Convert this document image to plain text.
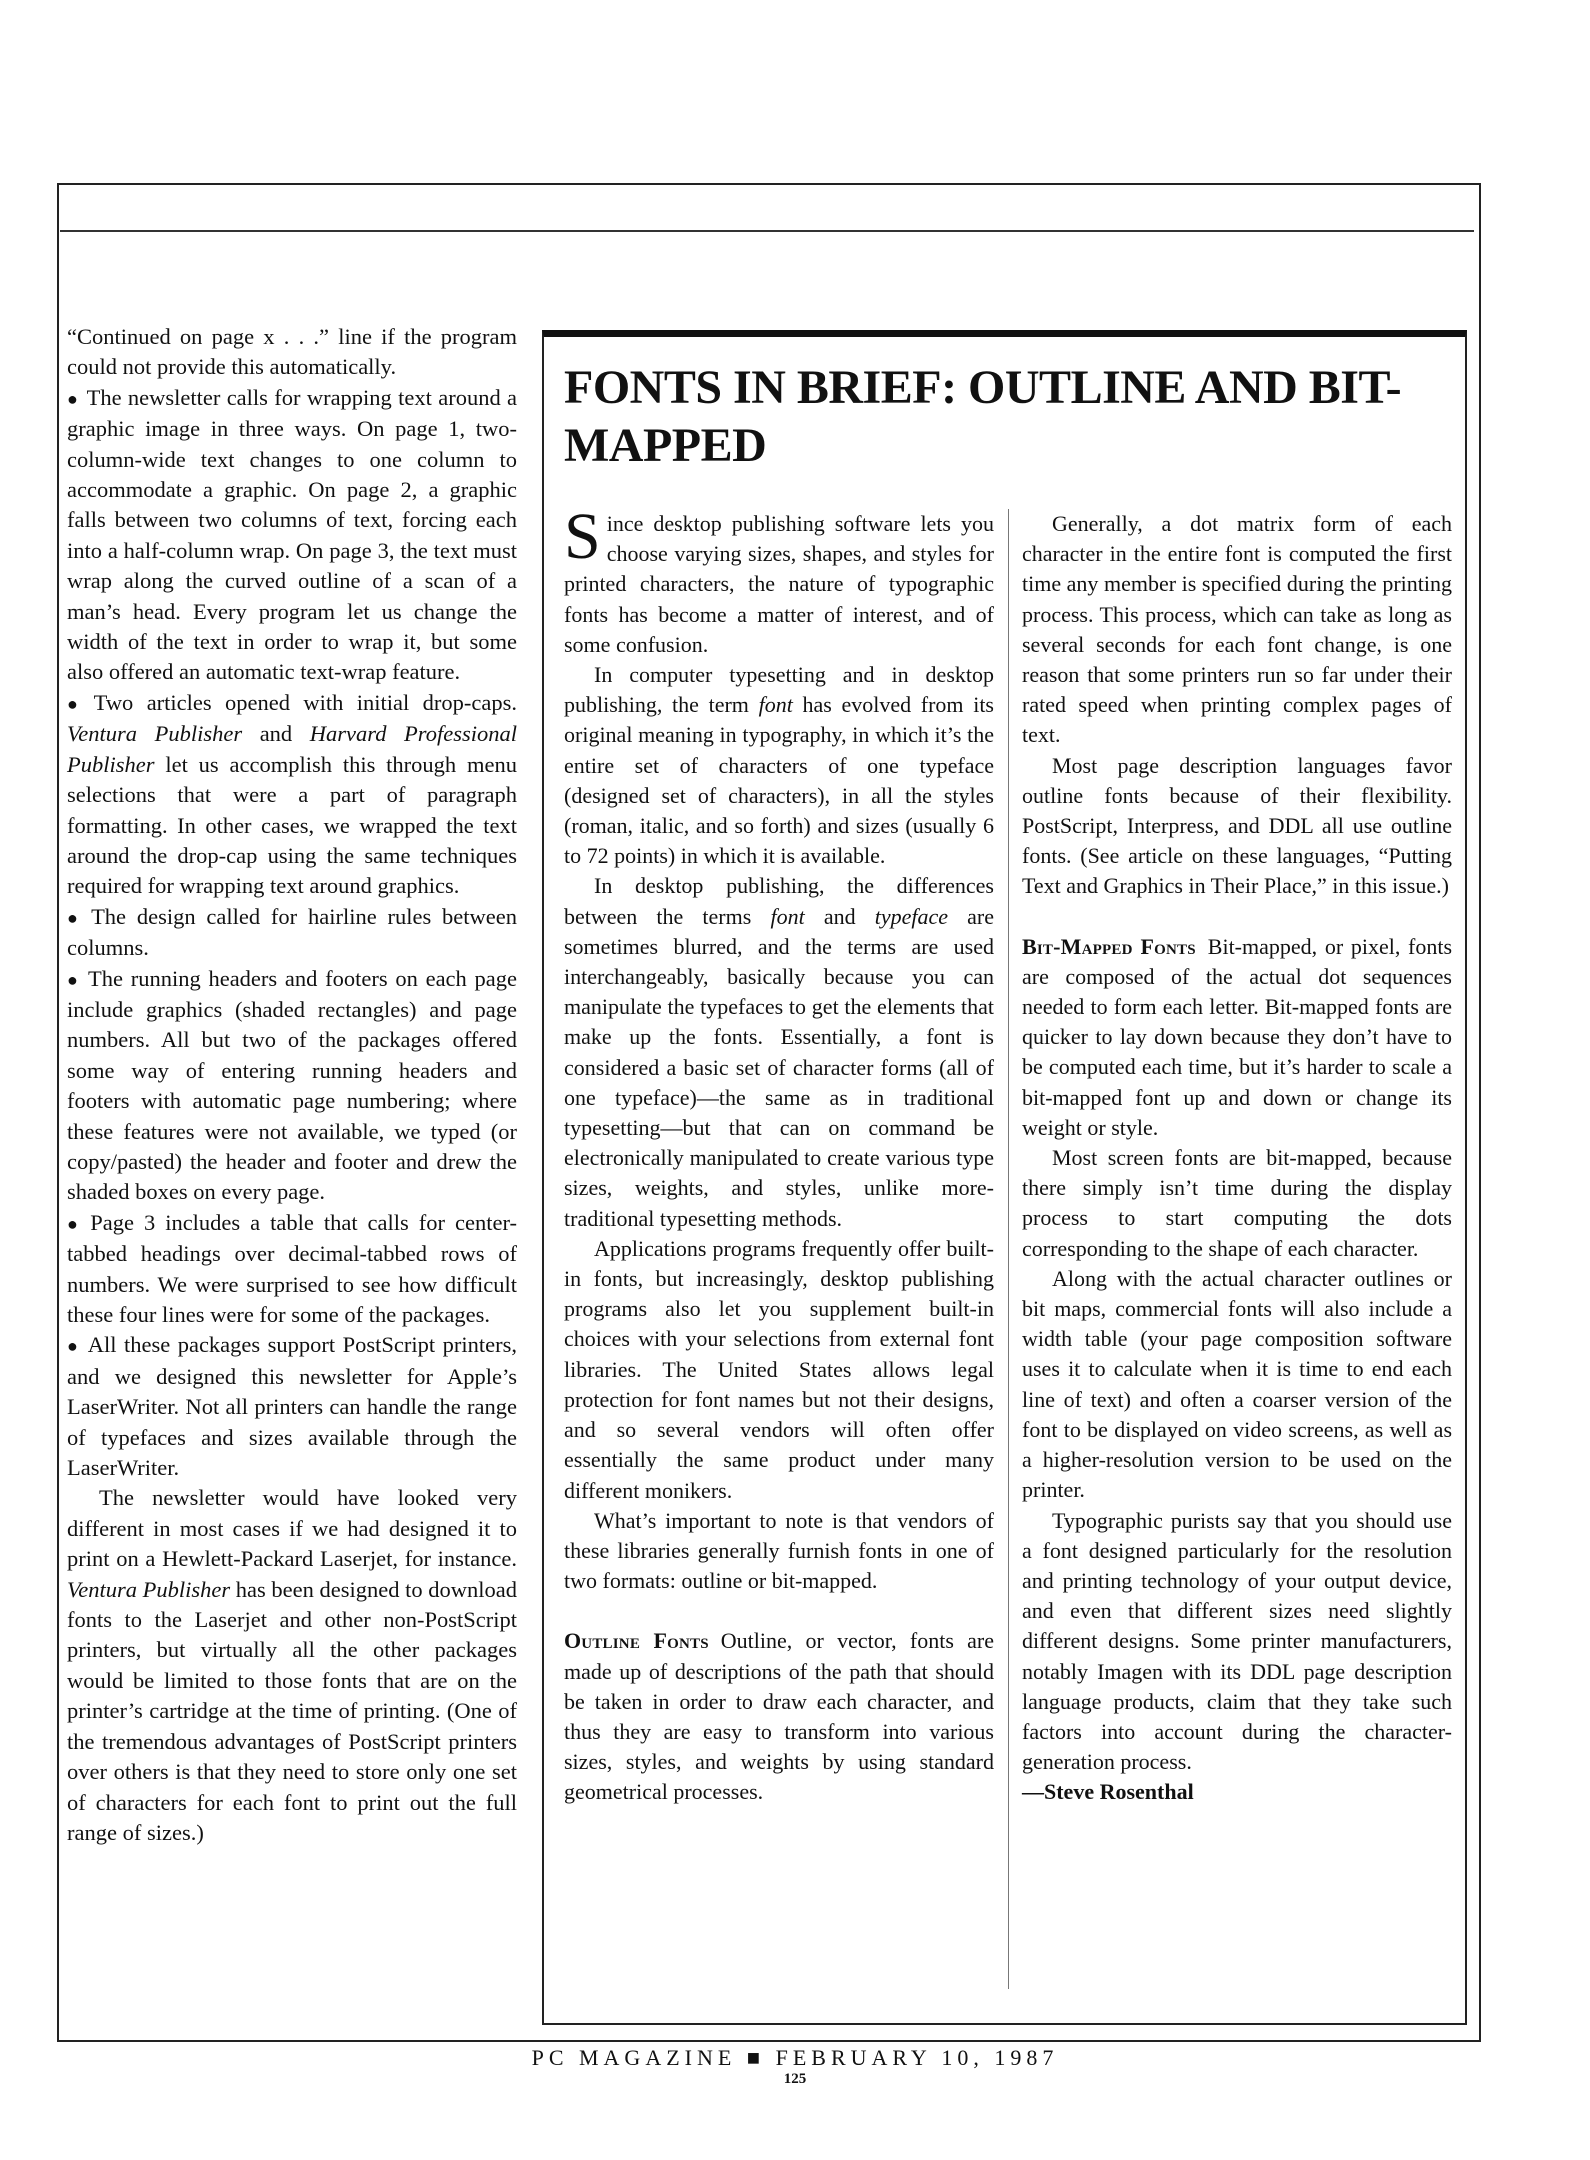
“Continued on page x . . .” line if the program could not provide this automatically.

● The newsletter calls for wrapping text around a graphic image in three ways. On page 1, two-column-wide text changes to one column to accommodate a graphic. On page 2, a graphic falls between two columns of text, forcing each into a half-column wrap. On page 3, the text must wrap along the curved outline of a scan of a man’s head. Every program let us change the width of the text in order to wrap it, but some also offered an automatic text-wrap feature.

● Two articles opened with initial drop-caps. Ventura Publisher and Harvard Professional Publisher let us accomplish this through menu selections that were a part of paragraph formatting. In other cases, we wrapped the text around the drop-cap using the same techniques required for wrapping text around graphics.

● The design called for hairline rules between columns.

● The running headers and footers on each page include graphics (shaded rectangles) and page numbers. All but two of the packages offered some way of entering running headers and footers with automatic page numbering; where these features were not available, we typed (or copy/pasted) the header and footer and drew the shaded boxes on every page.

● Page 3 includes a table that calls for center-tabbed headings over decimal-tabbed rows of numbers. We were surprised to see how difficult these four lines were for some of the packages.

● All these packages support PostScript printers, and we designed this newsletter for Apple’s LaserWriter. Not all printers can handle the range of typefaces and sizes available through the LaserWriter.

The newsletter would have looked very different in most cases if we had designed it to print on a Hewlett-Packard Laserjet, for instance. Ventura Publisher has been designed to download fonts to the Laserjet and other non-PostScript printers, but virtually all the other packages would be limited to those fonts that are on the printer’s cartridge at the time of printing. (One of the tremendous advantages of PostScript printers over others is that they need to store only one set of characters for each font to print out the full range of sizes.)

FONTS IN BRIEF: OUTLINE AND BIT-MAPPED

Since desktop publishing software lets you choose varying sizes, shapes, and styles for printed characters, the nature of typographic fonts has become a matter of interest, and of some confusion.

In computer typesetting and in desktop publishing, the term font has evolved from its original meaning in typography, in which it’s the entire set of characters of one typeface (designed set of characters), in all the styles (roman, italic, and so forth) and sizes (usually 6 to 72 points) in which it is available.

In desktop publishing, the differences between the terms font and typeface are sometimes blurred, and the terms are used interchangeably, basically because you can manipulate the typefaces to get the elements that make up the fonts. Essentially, a font is considered a basic set of character forms (all of one typeface)—the same as in traditional typesetting—but that can on command be electronically manipulated to create various type sizes, weights, and styles, unlike more-traditional typesetting methods.

Applications programs frequently offer built-in fonts, but increasingly, desktop publishing programs also let you supplement built-in choices with your selections from external font libraries. The United States allows legal protection for font names but not their designs, and so several vendors will often offer essentially the same product under many different monikers.

What’s important to note is that vendors of these libraries generally furnish fonts in one of two formats: outline or bit-mapped.

Outline Fonts Outline, or vector, fonts are made up of descriptions of the path that should be taken in order to draw each character, and thus they are easy to transform into various sizes, styles, and weights by using standard geometrical processes.

Generally, a dot matrix form of each character in the entire font is computed the first time any member is specified during the printing process. This process, which can take as long as several seconds for each font change, is one reason that some printers run so far under their rated speed when printing complex pages of text.

Most page description languages favor outline fonts because of their flexibility. PostScript, Interpress, and DDL all use outline fonts. (See article on these languages, “Putting Text and Graphics in Their Place,” in this issue.)

Bit-Mapped Fonts Bit-mapped, or pixel, fonts are composed of the actual dot sequences needed to form each letter. Bit-mapped fonts are quicker to lay down because they don’t have to be computed each time, but it’s harder to scale a bit-mapped font up and down or change its weight or style.

Most screen fonts are bit-mapped, because there simply isn’t time during the display process to start computing the dots corresponding to the shape of each character.

Along with the actual character outlines or bit maps, commercial fonts will also include a width table (your page composition software uses it to calculate when it is time to end each line of text) and often a coarser version of the font to be displayed on video screens, as well as a higher-resolution version to be used on the printer.

Typographic purists say that you should use a font designed particularly for the resolution and printing technology of your output device, and even that different sizes need slightly different designs. Some printer manufacturers, notably Imagen with its DDL page description language products, claim that they take such factors into account during the character-generation process.

—Steve Rosenthal

PC MAGAZINE ■ FEBRUARY 10, 1987
125
